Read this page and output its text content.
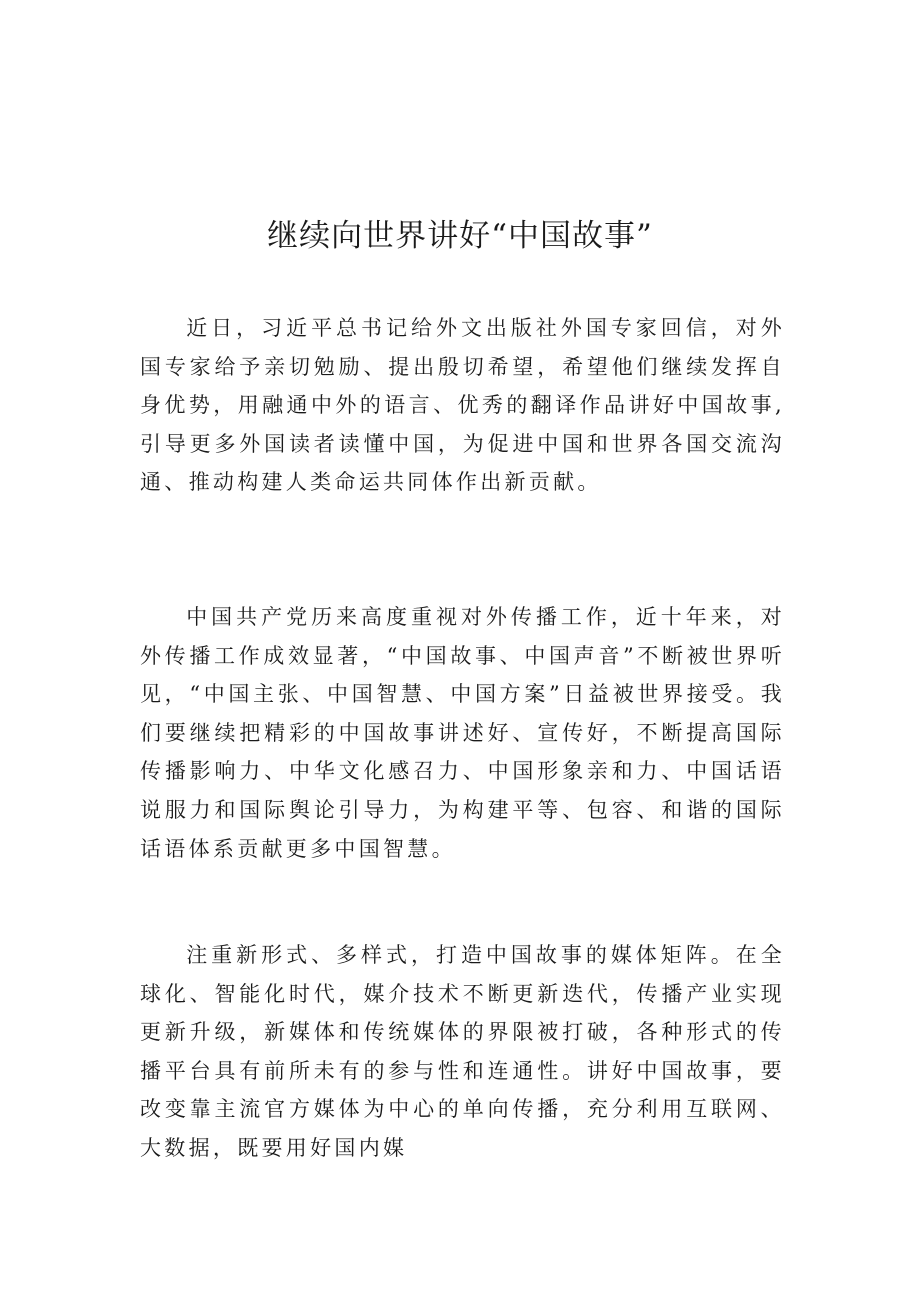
继续向世界讲好“中国故事”

近日，习近平总书记给外文出版社外国专家回信，对外国专家给予亲切勉励、提出殷切希望，希望他们继续发挥自身优势，用融通中外的语言、优秀的翻译作品讲好中国故事,引导更多外国读者读懂中国，为促进中国和世界各国交流沟通、推动构建人类命运共同体作出新贡献。

中国共产党历来高度重视对外传播工作，近十年来，对外传播工作成效显著，“中国故事、中国声音”不断被世界听见，“中国主张、中国智慧、中国方案”日益被世界接受。我们要继续把精彩的中国故事讲述好、宣传好，不断提高国际传播影响力、中华文化感召力、中国形象亲和力、中国话语说服力和国际舆论引导力，为构建平等、包容、和谐的国际话语体系贡献更多中国智慧。

注重新形式、多样式，打造中国故事的媒体矩阵。在全球化、智能化时代，媒介技术不断更新迭代，传播产业实现更新升级，新媒体和传统媒体的界限被打破，各种形式的传播平台具有前所未有的参与性和连通性。讲好中国故事，要改变靠主流官方媒体为中心的单向传播，充分利用互联网、大数据，既要用好国内媒
